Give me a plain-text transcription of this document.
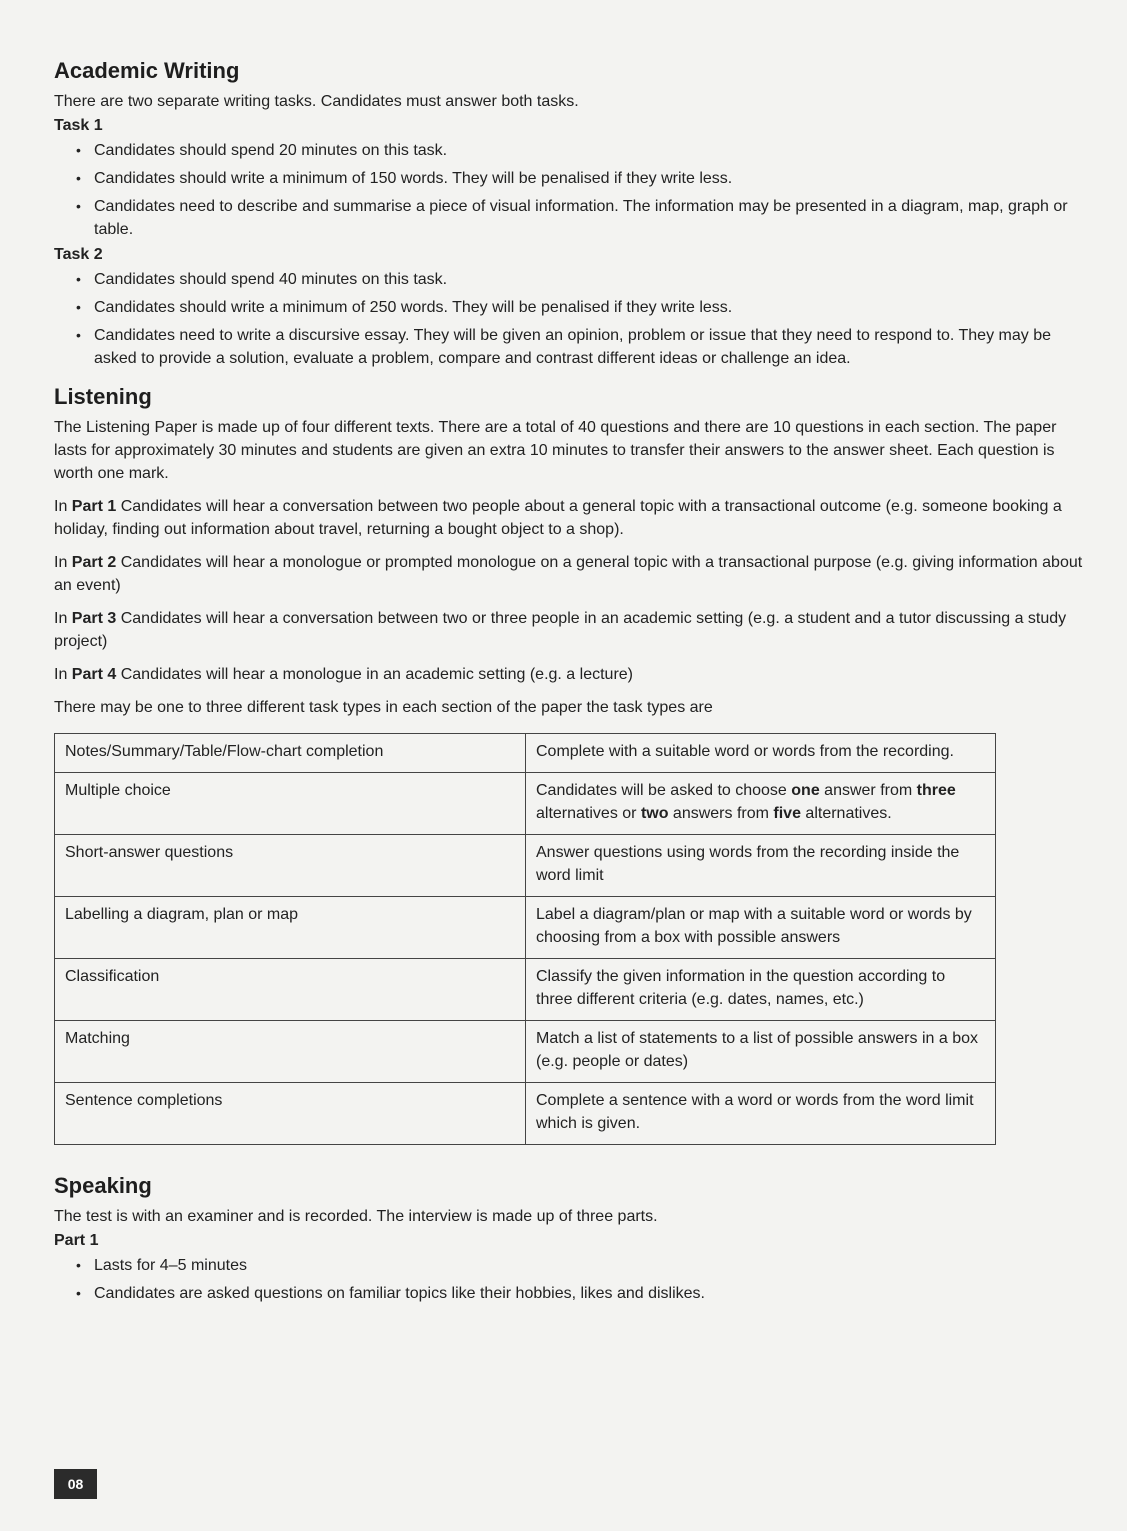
Academic Writing

There are two separate writing tasks. Candidates must answer both tasks.

Task 1
• Candidates should spend 20 minutes on this task.
• Candidates should write a minimum of 150 words. They will be penalised if they write less.
• Candidates need to describe and summarise a piece of visual information. The information may be presented in a diagram, map, graph or table.
Task 2
• Candidates should spend 40 minutes on this task.
• Candidates should write a minimum of 250 words. They will be penalised if they write less.
• Candidates need to write a discursive essay. They will be given an opinion, problem or issue that they need to respond to. They may be asked to provide a solution, evaluate a problem, compare and contrast different ideas or challenge an idea.
Listening

The Listening Paper is made up of four different texts. There are a total of 40 questions and there are 10 questions in each section. The paper lasts for approximately 30 minutes and students are given an extra 10 minutes to transfer their answers to the answer sheet. Each question is worth one mark.

In Part 1 Candidates will hear a conversation between two people about a general topic with a transactional outcome (e.g. someone booking a holiday, finding out information about travel, returning a bought object to a shop).

In Part 2 Candidates will hear a monologue or prompted monologue on a general topic with a transactional purpose (e.g. giving information about an event)

In Part 3 Candidates will hear a conversation between two or three people in an academic setting (e.g. a student and a tutor discussing a study project)

In Part 4 Candidates will hear a monologue in an academic setting (e.g. a lecture)

There may be one to three different task types in each section of the paper the task types are

Notes/Summary/Table/Flow-chart completion	Complete with a suitable word or words from the recording.
Multiple choice	Candidates will be asked to choose one answer from three alternatives or two answers from five alternatives.
Short-answer questions	Answer questions using words from the recording inside the word limit
Labelling a diagram, plan or map	Label a diagram/plan or map with a suitable word or words by choosing from a box with possible answers
Classification	Classify the given information in the question according to three different criteria (e.g. dates, names, etc.)
Matching	Match a list of statements to a list of possible answers in a box (e.g. people or dates)
Sentence completions	Complete a sentence with a word or words from the word limit which is given.
Speaking

The test is with an examiner and is recorded. The interview is made up of three parts.

Part 1
• Lasts for 4–5 minutes
• Candidates are asked questions on familiar topics like their hobbies, likes and dislikes.
08
